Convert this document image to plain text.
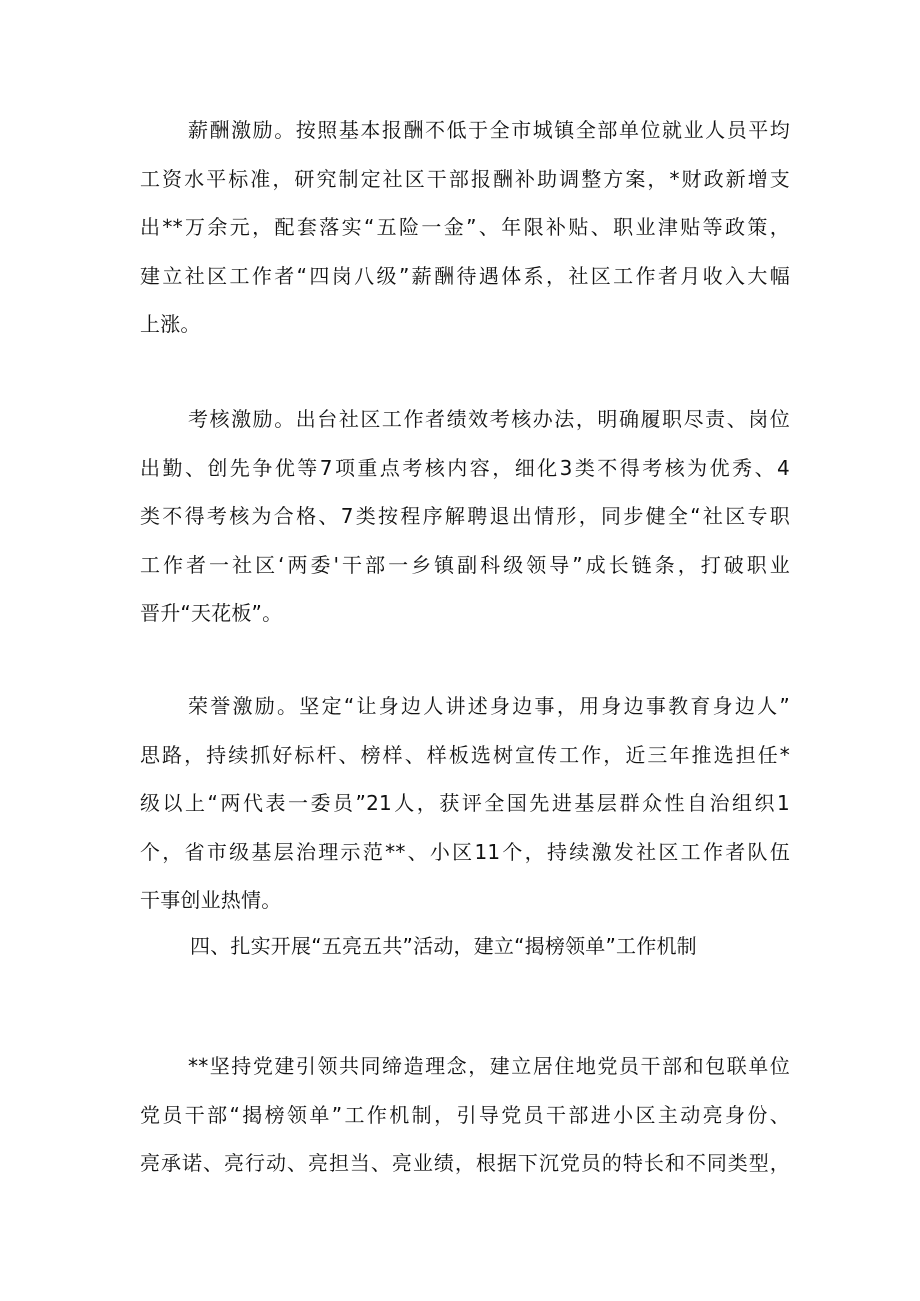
薪酬激励。按照基本报酬不低于全市城镇全部单位就业人员平均
工资水平标准，研究制定社区干部报酬补助调整方案，*财政新增支
出**万余元，配套落实“五险一金”、年限补贴、职业津贴等政策，
建立社区工作者“四岗八级”薪酬待遇体系，社区工作者月收入大幅
上涨。
考核激励。出台社区工作者绩效考核办法，明确履职尽责、岗位
出勤、创先争优等7项重点考核内容，细化3类不得考核为优秀、4
类不得考核为合格、7类按程序解聘退出情形，同步健全“社区专职
工作者一社区‘两委'干部一乡镇副科级领导”成长链条，打破职业
晋升“天花板”。
荣誉激励。坚定“让身边人讲述身边事，用身边事教育身边人”
思路，持续抓好标杆、榜样、样板选树宣传工作，近三年推选担任*
级以上“两代表一委员”21人，获评全国先进基层群众性自治组织1
个，省市级基层治理示范**、小区11个，持续激发社区工作者队伍
干事创业热情。
四、扎实开展“五亮五共”活动，建立“揭榜领单”工作机制
**坚持党建引领共同缔造理念，建立居住地党员干部和包联单位
党员干部“揭榜领单”工作机制，引导党员干部进小区主动亮身份、
亮承诺、亮行动、亮担当、亮业绩，根据下沉党员的特长和不同类型，
